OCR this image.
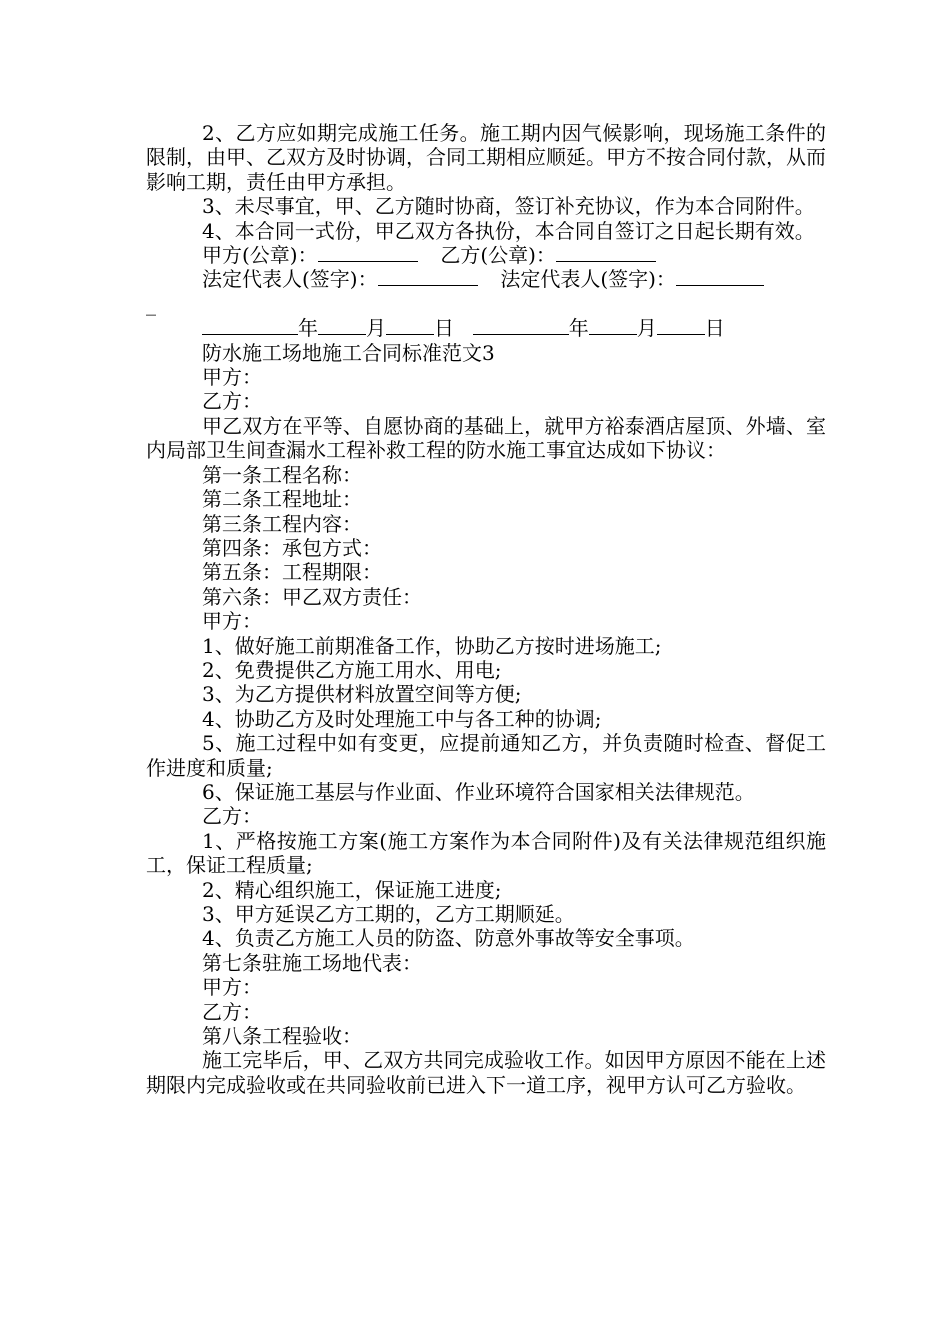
2、乙方应如期完成施工任务。施工期内因气候影响，现场施工条件的限制，由甲、乙双方及时协调，合同工期相应顺延。甲方不按合同付款，从而影响工期，责任由甲方承担。

3、未尽事宜，甲、乙方随时协商，签订补充协议，作为本合同附件。

4、本合同一式份，甲乙双方各执份，本合同自签订之日起长期有效。

甲方(公章)：	乙方(公章)：
法定代表人(签字)：	法定代表人(签字)：
_
年 月 日	年 月 日

防水施工场地施工合同标准范文3

甲方：

乙方：

甲乙双方在平等、自愿协商的基础上，就甲方裕泰酒店屋顶、外墙、室内局部卫生间查漏水工程补救工程的防水施工事宜达成如下协议：

第一条工程名称：

第二条工程地址：

第三条工程内容：

第四条：承包方式：

第五条：工程期限：

第六条：甲乙双方责任：

甲方：

1、做好施工前期准备工作，协助乙方按时进场施工;

2、免费提供乙方施工用水、用电;

3、为乙方提供材料放置空间等方便;

4、协助乙方及时处理施工中与各工种的协调;

5、施工过程中如有变更，应提前通知乙方，并负责随时检查、督促工作进度和质量;

6、保证施工基层与作业面、作业环境符合国家相关法律规范。

乙方：

1、严格按施工方案(施工方案作为本合同附件)及有关法律规范组织施工，保证工程质量;

2、精心组织施工，保证施工进度;

3、甲方延误乙方工期的，乙方工期顺延。

4、负责乙方施工人员的防盗、防意外事故等安全事项。

第七条驻施工场地代表：

甲方：

乙方：

第八条工程验收：

施工完毕后，甲、乙双方共同完成验收工作。如因甲方原因不能在上述期限内完成验收或在共同验收前已进入下一道工序，视甲方认可乙方验收。
